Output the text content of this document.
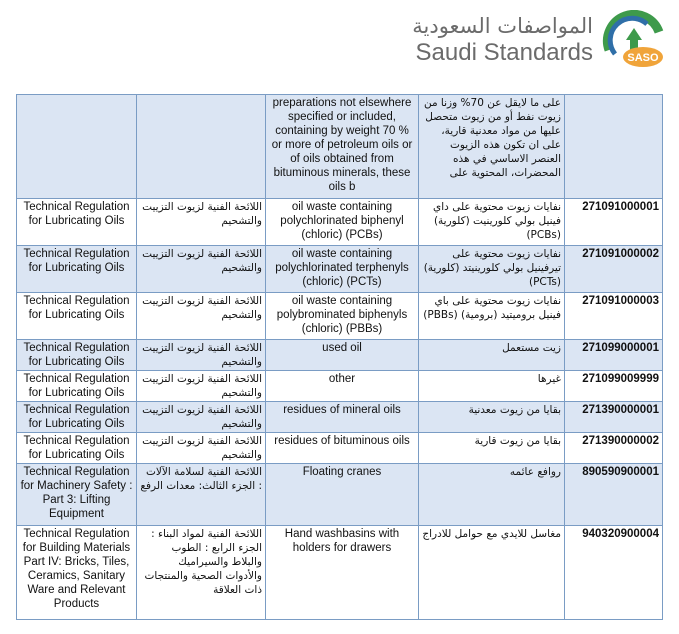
المواصفات السعودية
Saudi Standards	SASO
		preparations not elsewhere specified or included, containing by weight 70 % or more of petroleum oils or of oils obtained from bituminous minerals, these oils b	على ما لايقل عن 70% وزنا من زيوت نفط أو من زيوت متحصل عليها من مواد معدنية قارية، على ان تكون هذه الزيوت العنصر الاساسي في هذه المحضرات، المحتوية على	
Technical Regulation for Lubricating Oils	اللائحة الفنية لزيوت التزييت والتشحيم	oil waste containing polychlorinated biphenyl (chloric) (PCBs)	نفايات زيوت محتوية على داي فينيل بولي كلورينيت (كلورية) (PCBs)	271091000001
Technical Regulation for Lubricating Oils	اللائحة الفنية لزيوت التزييت والتشحيم	oil waste containing polychlorinated terphenyls (chloric) (PCTs)	نفايات زيوت محتوية على تيرفينيل بولي كلورينيتد (كلورية) (PCTs)	271091000002
Technical Regulation for Lubricating Oils	اللائحة الفنية لزيوت التزييت والتشحيم	oil waste containing polybrominated biphenyls (chloric) (PBBs)	نفايات زيوت محتوية على باي فينيل بروميتيد (برومية) (PBBs)	271091000003
Technical Regulation for Lubricating Oils	اللائحة الفنية لزيوت التزييت والتشحيم	used oil	زيت مستعمل	271099000001
Technical Regulation for Lubricating Oils	اللائحة الفنية لزيوت التزييت والتشحيم	other	غيرها	271099009999
Technical Regulation for Lubricating Oils	اللائحة الفنية لزيوت التزييت والتشحيم	residues of mineral oils	بقايا من زيوت معدنية	271390000001
Technical Regulation for Lubricating Oils	اللائحة الفنية لزيوت التزييت والتشحيم	residues of bituminous oils	بقايا من زيوت قارية	271390000002
Technical Regulation for Machinery Safety : Part 3: Lifting Equipment	اللائحة الفنية لسلامة الآلات : الجزء الثالث: معدات الرفع	Floating cranes	روافع عائمه	890590900001
Technical Regulation for Building Materials Part IV: Bricks, Tiles, Ceramics, Sanitary Ware and Relevant Products	اللائحة الفنية لمواد البناء : الجزء الرابع : الطوب والبلاط والسيراميك والأدوات الصحية والمنتجات ذات العلاقة	Hand washbasins with holders for drawers	مغاسل للايدي مع حوامل للادراج	940320900004
